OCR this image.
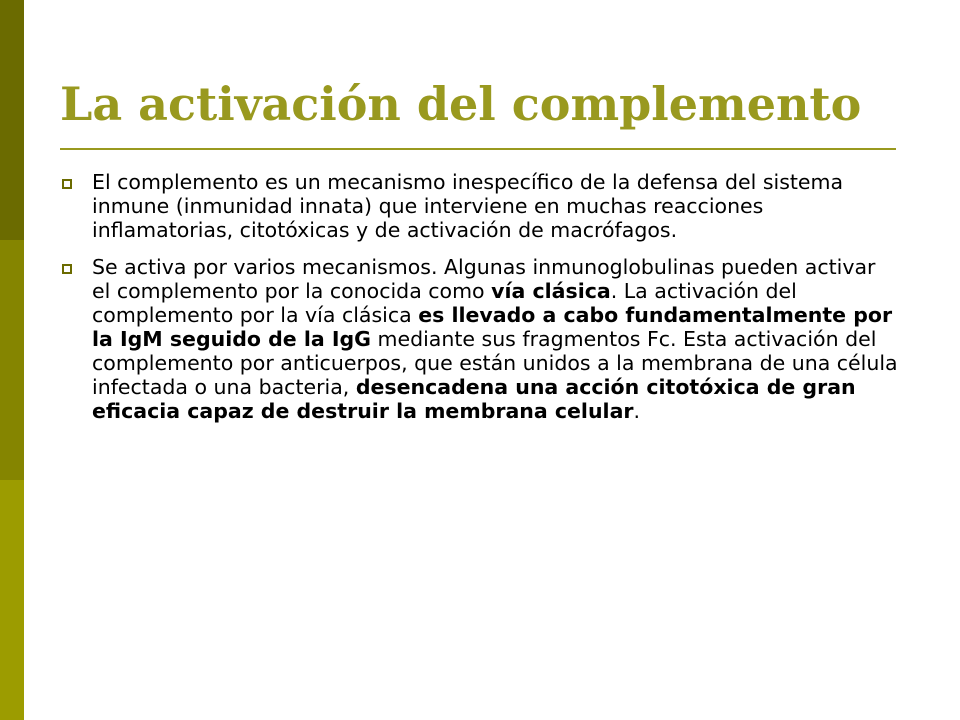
La activación del complemento
El complemento es un mecanismo inespecífico de la defensa del sistema inmune (inmunidad innata) que interviene en muchas reacciones inflamatorias, citotóxicas y de activación de macrófagos.
Se activa por varios mecanismos. Algunas inmunoglobulinas pueden activar el complemento por la conocida como vía clásica. La activación del complemento por la vía clásica es llevado a cabo fundamentalmente por la IgM seguido de la IgG mediante sus fragmentos Fc. Esta activación del complemento por anticuerpos, que están unidos a la membrana de una célula infectada o una bacteria, desencadena una acción citotóxica de gran eficacia capaz de destruir la membrana celular.
